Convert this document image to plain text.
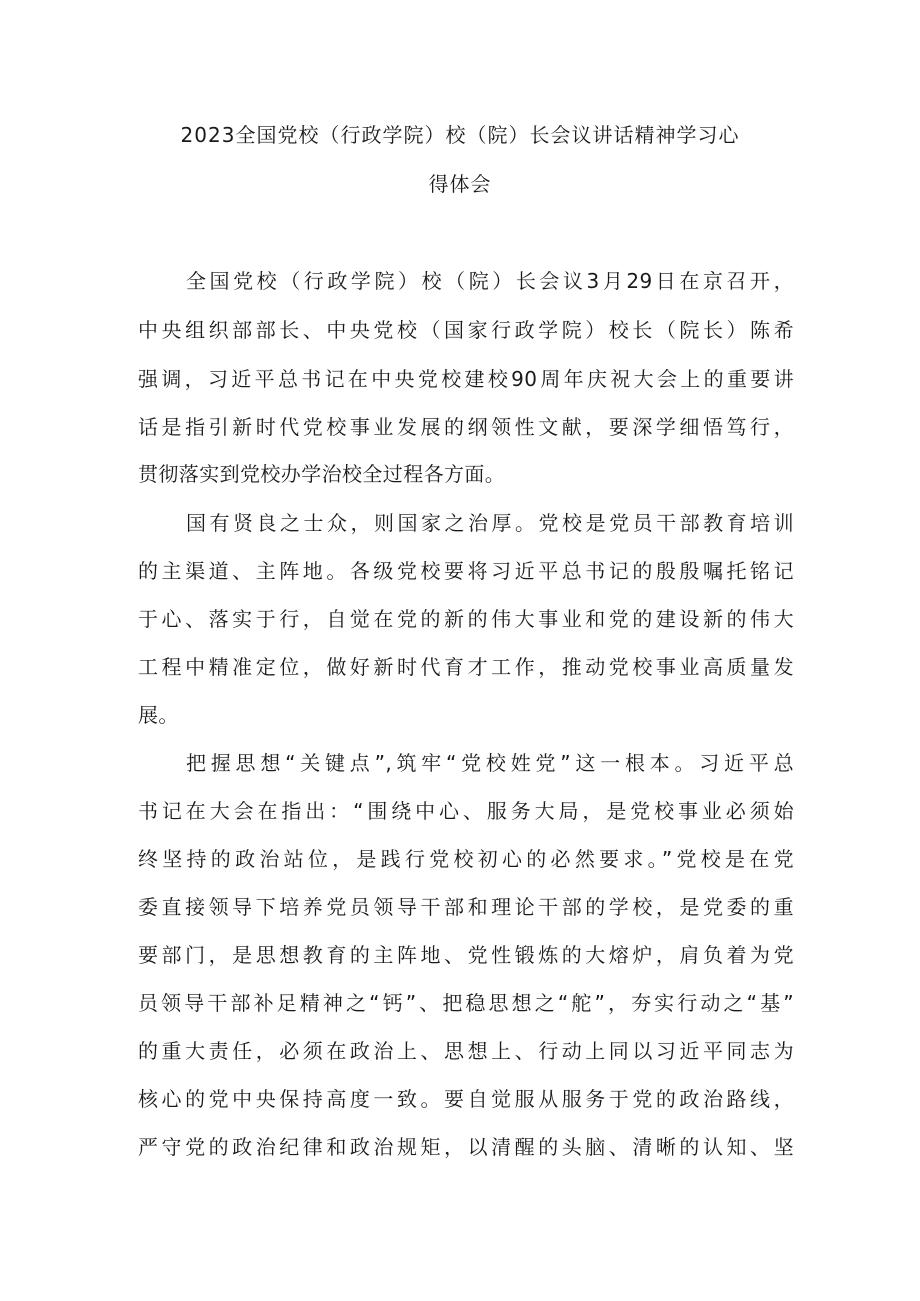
2023全国党校（行政学院）校（院）长会议讲话精神学习心
得体会
全国党校（行政学院）校（院）长会议3月29日在京召开，
中央组织部部长、中央党校（国家行政学院）校长（院长）陈希
强调，习近平总书记在中央党校建校90周年庆祝大会上的重要讲
话是指引新时代党校事业发展的纲领性文献，要深学细悟笃行，
贯彻落实到党校办学治校全过程各方面。
国有贤良之士众，则国家之治厚。党校是党员干部教育培训
的主渠道、主阵地。各级党校要将习近平总书记的殷殷嘱托铭记
于心、落实于行，自觉在党的新的伟大事业和党的建设新的伟大
工程中精准定位，做好新时代育才工作，推动党校事业高质量发
展。
把握思想“关键点”,筑牢“党校姓党”这一根本。习近平总
书记在大会在指出：“围绕中心、服务大局，是党校事业必须始
终坚持的政治站位，是践行党校初心的必然要求。”党校是在党
委直接领导下培养党员领导干部和理论干部的学校，是党委的重
要部门，是思想教育的主阵地、党性锻炼的大熔炉，肩负着为党
员领导干部补足精神之“钙”、把稳思想之“舵”，夯实行动之“基”
的重大责任，必须在政治上、思想上、行动上同以习近平同志为
核心的党中央保持高度一致。要自觉服从服务于党的政治路线，
严守党的政治纪律和政治规矩，以清醒的头脑、清晰的认知、坚
